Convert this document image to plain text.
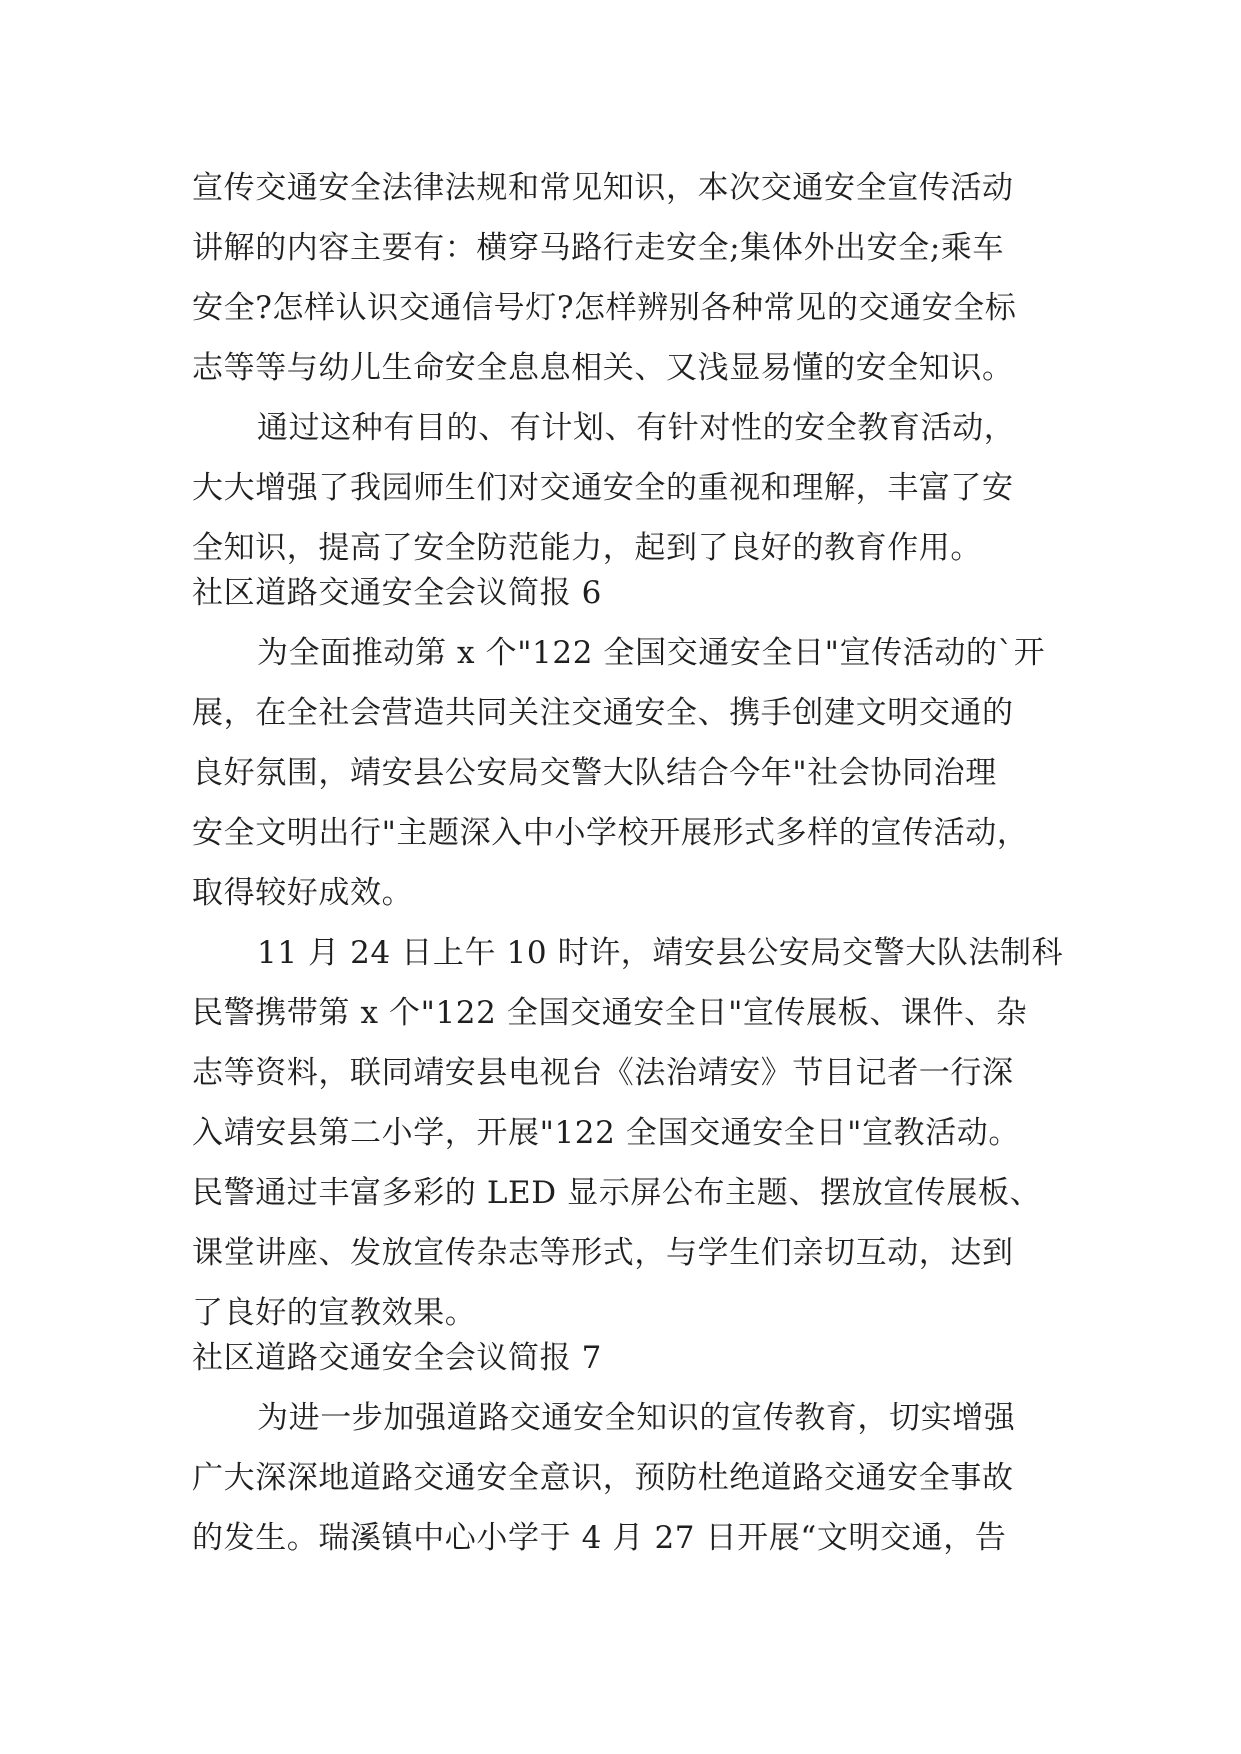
宣传交通安全法律法规和常见知识，本次交通安全宣传活动
讲解的内容主要有：横穿马路行走安全;集体外出安全;乘车
安全?怎样认识交通信号灯?怎样辨别各种常见的交通安全标
志等等与幼儿生命安全息息相关、又浅显易懂的安全知识。
通过这种有目的、有计划、有针对性的安全教育活动，
大大增强了我园师生们对交通安全的重视和理解，丰富了安
全知识，提高了安全防范能力，起到了良好的教育作用。
社区道路交通安全会议简报 6
为全面推动第 x 个"122 全国交通安全日"宣传活动的`开
展，在全社会营造共同关注交通安全、携手创建文明交通的
良好氛围，靖安县公安局交警大队结合今年"社会协同治理
安全文明出行"主题深入中小学校开展形式多样的宣传活动，
取得较好成效。
11 月 24 日上午 10 时许，靖安县公安局交警大队法制科
民警携带第 x 个"122 全国交通安全日"宣传展板、课件、杂
志等资料，联同靖安县电视台《法治靖安》节目记者一行深
入靖安县第二小学，开展"122 全国交通安全日"宣教活动。
民警通过丰富多彩的 LED 显示屏公布主题、摆放宣传展板、
课堂讲座、发放宣传杂志等形式，与学生们亲切互动，达到
了良好的宣教效果。
社区道路交通安全会议简报 7
为进一步加强道路交通安全知识的宣传教育，切实增强
广大深深地道路交通安全意识，预防杜绝道路交通安全事故
的发生。瑞溪镇中心小学于 4 月 27 日开展“文明交通，告
